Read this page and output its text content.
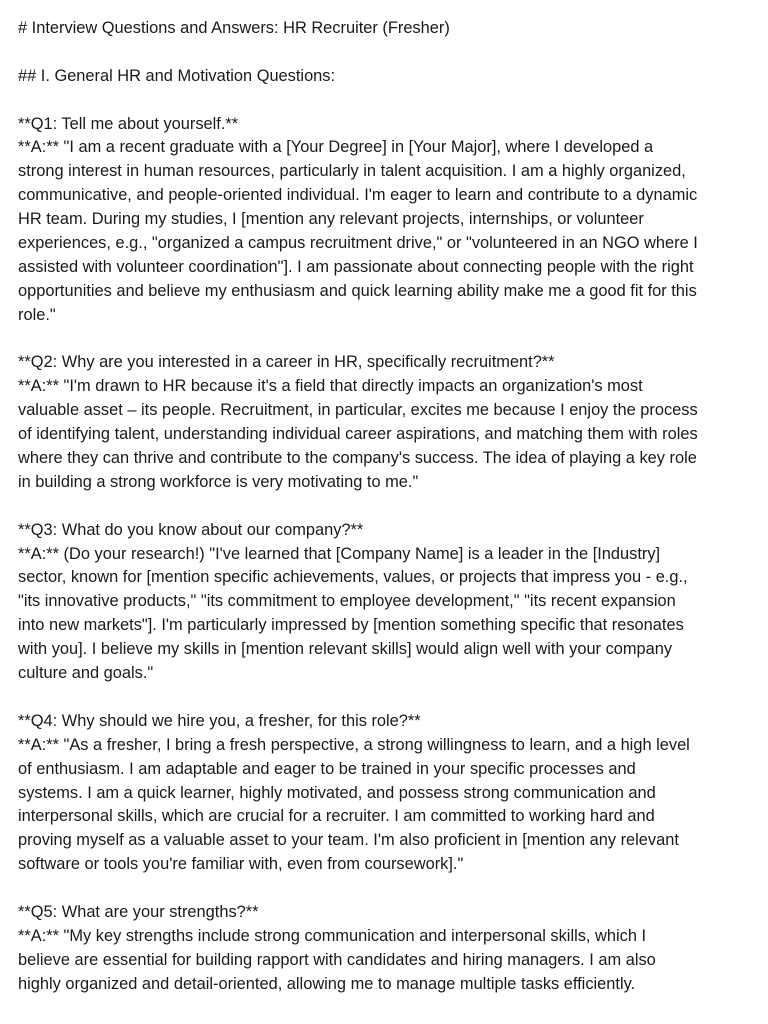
# Interview Questions and Answers: HR Recruiter (Fresher)
## I. General HR and Motivation Questions:
**Q1: Tell me about yourself.**
**A:** "I am a recent graduate with a [Your Degree] in [Your Major], where I developed a
strong interest in human resources, particularly in talent acquisition. I am a highly organized,
communicative, and people-oriented individual. I'm eager to learn and contribute to a dynamic
HR team. During my studies, I [mention any relevant projects, internships, or volunteer
experiences, e.g., "organized a campus recruitment drive," or "volunteered in an NGO where I
assisted with volunteer coordination"]. I am passionate about connecting people with the right
opportunities and believe my enthusiasm and quick learning ability make me a good fit for this
role."
**Q2: Why are you interested in a career in HR, specifically recruitment?**
**A:** "I'm drawn to HR because it's a field that directly impacts an organization's most
valuable asset – its people. Recruitment, in particular, excites me because I enjoy the process
of identifying talent, understanding individual career aspirations, and matching them with roles
where they can thrive and contribute to the company's success. The idea of playing a key role
in building a strong workforce is very motivating to me."
**Q3: What do you know about our company?**
**A:** (Do your research!) "I've learned that [Company Name] is a leader in the [Industry]
sector, known for [mention specific achievements, values, or projects that impress you - e.g.,
"its innovative products," "its commitment to employee development," "its recent expansion
into new markets"]. I'm particularly impressed by [mention something specific that resonates
with you]. I believe my skills in [mention relevant skills] would align well with your company
culture and goals."
**Q4: Why should we hire you, a fresher, for this role?**
**A:** "As a fresher, I bring a fresh perspective, a strong willingness to learn, and a high level
of enthusiasm. I am adaptable and eager to be trained in your specific processes and
systems. I am a quick learner, highly motivated, and possess strong communication and
interpersonal skills, which are crucial for a recruiter. I am committed to working hard and
proving myself as a valuable asset to your team. I'm also proficient in [mention any relevant
software or tools you're familiar with, even from coursework]."
**Q5: What are your strengths?**
**A:** "My key strengths include strong communication and interpersonal skills, which I
believe are essential for building rapport with candidates and hiring managers. I am also
highly organized and detail-oriented, allowing me to manage multiple tasks efficiently.
